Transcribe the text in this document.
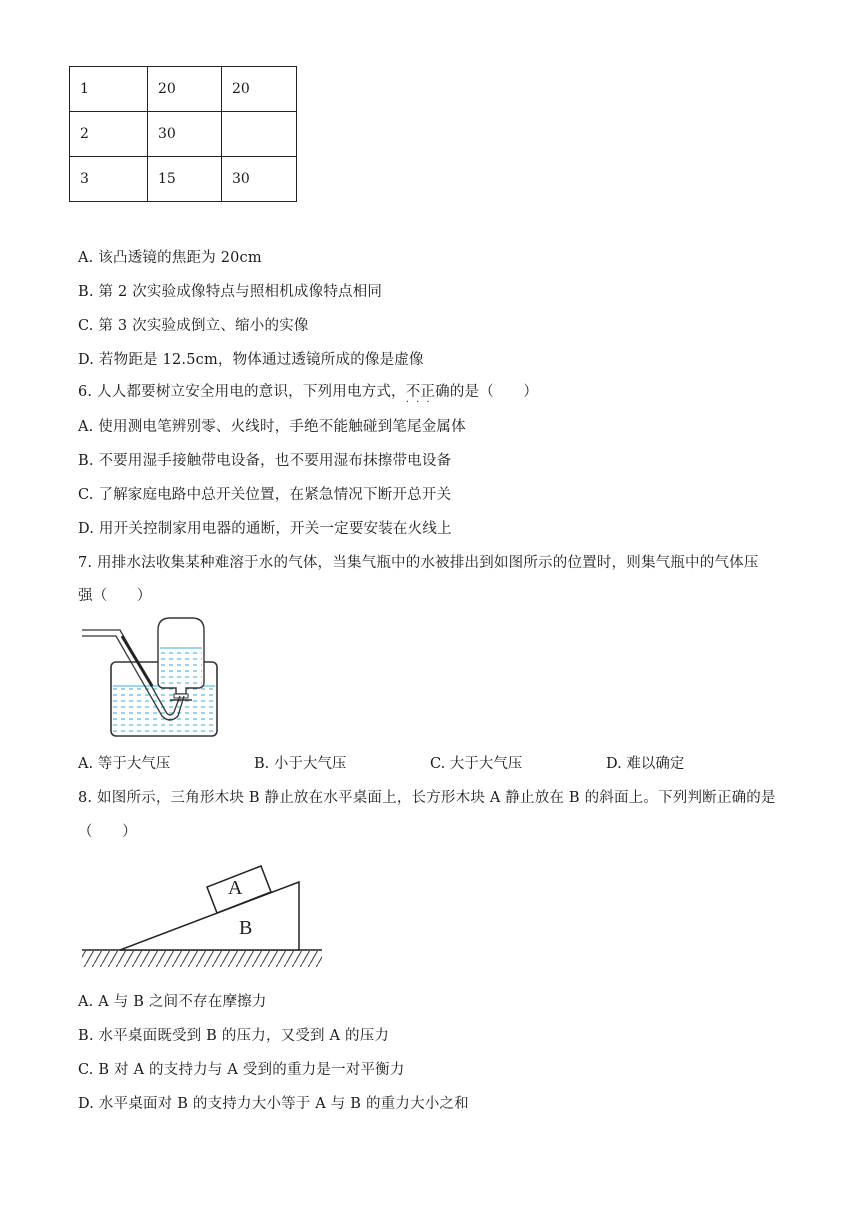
1	20	20
2	30	
3	15	30
A. 该凸透镜的焦距为 20cm
B. 第 2 次实验成像特点与照相机成像特点相同
C. 第 3 次实验成倒立、缩小的实像
D. 若物距是 12.5cm，物体通过透镜所成的像是虚像
6. 人人都要树立安全用电的意识，下列用电方式，不正确 · · ·的是（　　）
A. 使用测电笔辨别零、火线时，手绝不能触碰到笔尾金属体
B. 不要用湿手接触带电设备，也不要用湿布抹擦带电设备
C. 了解家庭电路中总开关位置，在紧急情况下断开总开关
D. 用开关控制家用电器的通断，开关一定要安装在火线上
7. 用排水法收集某种难溶于水的气体，当集气瓶中的水被排出到如图所示的位置时，则集气瓶中的气体压
强（　　）
A. 等于大气压	B. 小于大气压	C. 大于大气压	D. 难以确定
8. 如图所示，三角形木块 B 静止放在水平桌面上，长方形木块 A 静止放在 B 的斜面上。下列判断正确的是
（　　）
A
B
A. A 与 B 之间不存在摩擦力
B. 水平桌面既受到 B 的压力，又受到 A 的压力
C. B 对 A 的支持力与 A 受到的重力是一对平衡力
D. 水平桌面对 B 的支持力大小等于 A 与 B 的重力大小之和
